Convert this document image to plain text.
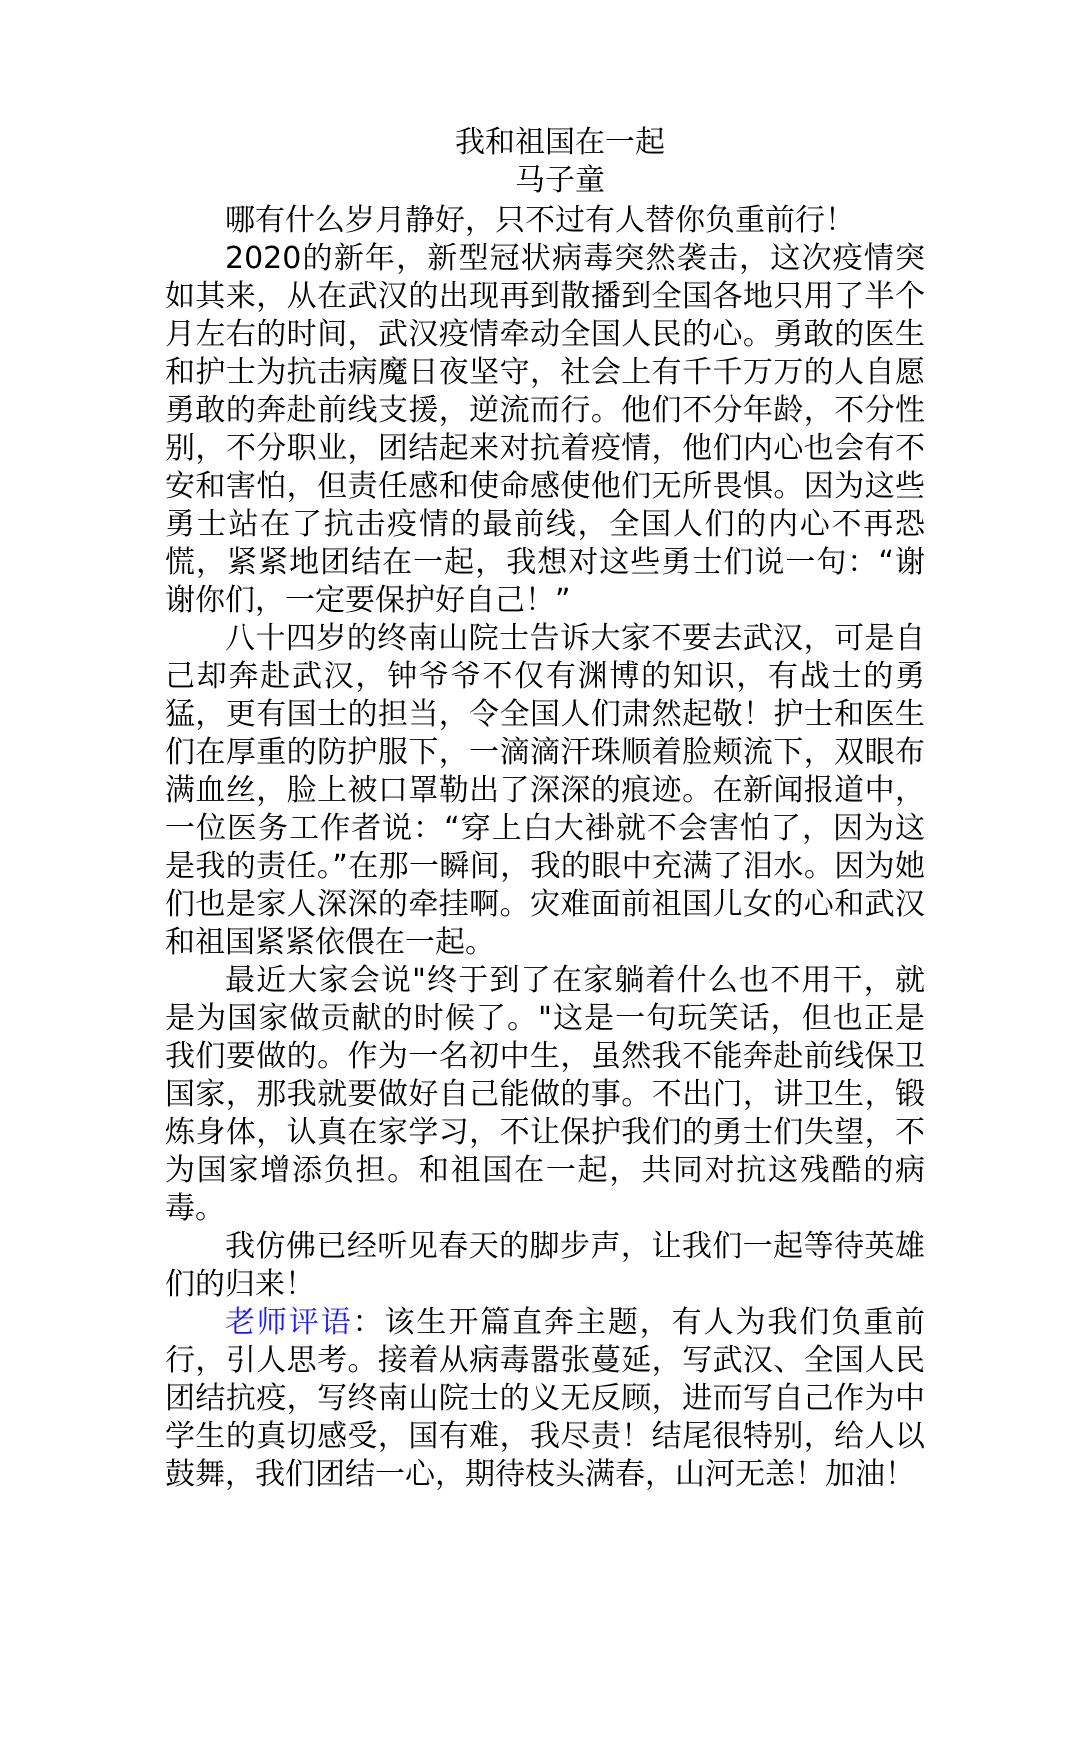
我和祖国在一起

马子童

哪有什么岁月静好，只不过有人替你负重前行！

2020的新年，新型冠状病毒突然袭击，这次疫情突如其来，从在武汉的出现再到散播到全国各地只用了半个月左右的时间，武汉疫情牵动全国人民的心。勇敢的医生和护士为抗击病魔日夜坚守，社会上有千千万万的人自愿勇敢的奔赴前线支援，逆流而行。他们不分年龄，不分性别，不分职业，团结起来对抗着疫情，他们内心也会有不安和害怕，但责任感和使命感使他们无所畏惧。因为这些勇士站在了抗击疫情的最前线，全国人们的内心不再恐慌，紧紧地团结在一起，我想对这些勇士们说一句：“谢谢你们，一定要保护好自己！”

八十四岁的终南山院士告诉大家不要去武汉，可是自己却奔赴武汉，钟爷爷不仅有渊博的知识，有战士的勇猛，更有国士的担当，令全国人们肃然起敬！护士和医生们在厚重的防护服下，一滴滴汗珠顺着脸颊流下，双眼布满血丝，脸上被口罩勒出了深深的痕迹。在新闻报道中，一位医务工作者说：“穿上白大褂就不会害怕了，因为这是我的责任。”在那一瞬间，我的眼中充满了泪水。因为她们也是家人深深的牵挂啊。灾难面前祖国儿女的心和武汉和祖国紧紧依偎在一起。

最近大家会说"终于到了在家躺着什么也不用干，就是为国家做贡献的时候了。"这是一句玩笑话，但也正是我们要做的。作为一名初中生，虽然我不能奔赴前线保卫国家，那我就要做好自己能做的事。不出门，讲卫生，锻炼身体，认真在家学习，不让保护我们的勇士们失望，不为国家增添负担。和祖国在一起，共同对抗这残酷的病毒。

我仿佛已经听见春天的脚步声，让我们一起等待英雄们的归来！

老师评语：该生开篇直奔主题，有人为我们负重前行，引人思考。接着从病毒嚣张蔓延，写武汉、全国人民团结抗疫，写终南山院士的义无反顾，进而写自己作为中学生的真切感受，国有难，我尽责！结尾很特别，给人以鼓舞，我们团结一心，期待枝头满春，山河无恙！加油！
